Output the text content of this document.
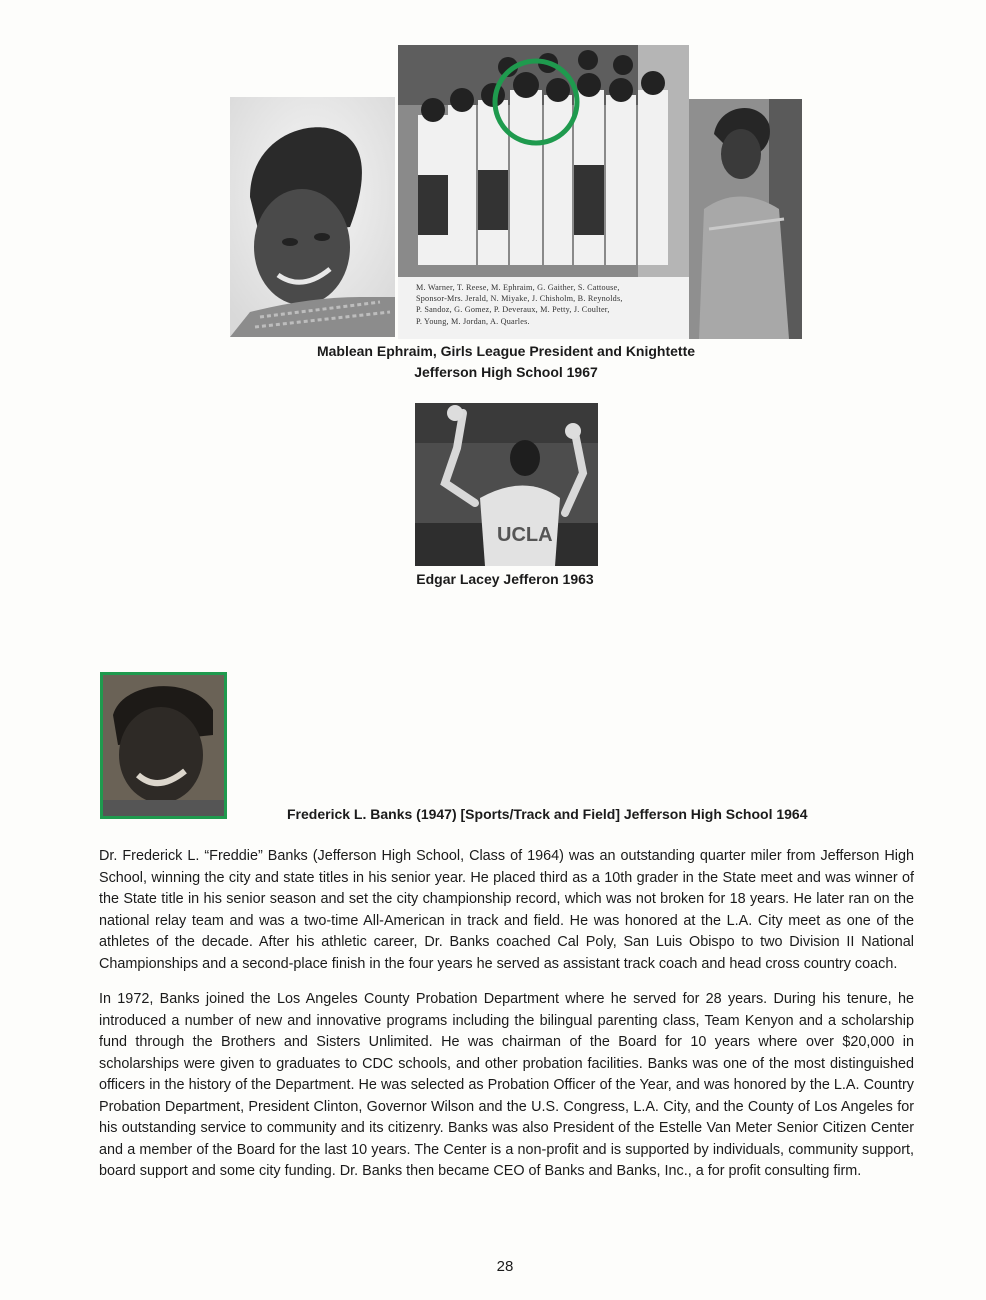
M. Warner, T. Reese, M. Ephraim, G. Gaither, S. Cattouse,
Sponsor-Mrs. Jerald, N. Miyake, J. Chisholm, B. Reynolds,
P. Sandoz, G. Gomez, P. Deveraux, M. Petty, J. Coulter,
P. Young, M. Jordan, A. Quarles.
Mablean Ephraim, Girls League President and Knightette
Jefferson High School 1967
UCLA
Edgar Lacey Jefferon 1963
Frederick L. Banks (1947) [Sports/Track and Field] Jefferson High School 1964

Dr. Frederick L. “Freddie” Banks (Jefferson High School, Class of 1964) was an outstanding quarter miler from Jefferson High School, winning the city and state titles in his senior year. He placed third as a 10th grader in the State meet and was winner of the State title in his senior season and set the city championship record, which was not broken for 18 years. He later ran on the national relay team and was a two-time All-American in track and field. He was honored at the L.A. City meet as one of the athletes of the decade. After his athletic career, Dr. Banks coached Cal Poly, San Luis Obispo to two Division II National Championships and a second-place finish in the four years he served as assistant track coach and head cross country coach.

In 1972, Banks joined the Los Angeles County Probation Department where he served for 28 years. During his tenure, he introduced a number of new and innovative programs including the bilingual parenting class, Team Kenyon and a scholarship fund through the Brothers and Sisters Unlimited. He was chairman of the Board for 10 years where over $20,000 in scholarships were given to graduates to CDC schools, and other probation facilities. Banks was one of the most distinguished officers in the history of the Department. He was selected as Probation Officer of the Year, and was honored by the L.A. Country Probation Department, President Clinton, Governor Wilson and the U.S. Congress, L.A. City, and the County of Los Angeles for his outstanding service to community and its citizenry. Banks was also President of the Estelle Van Meter Senior Citizen Center and a member of the Board for the last 10 years. The Center is a non-profit and is supported by individuals, community support, board support and some city funding. Dr. Banks then became CEO of Banks and Banks, Inc., a for profit consulting firm.

28
